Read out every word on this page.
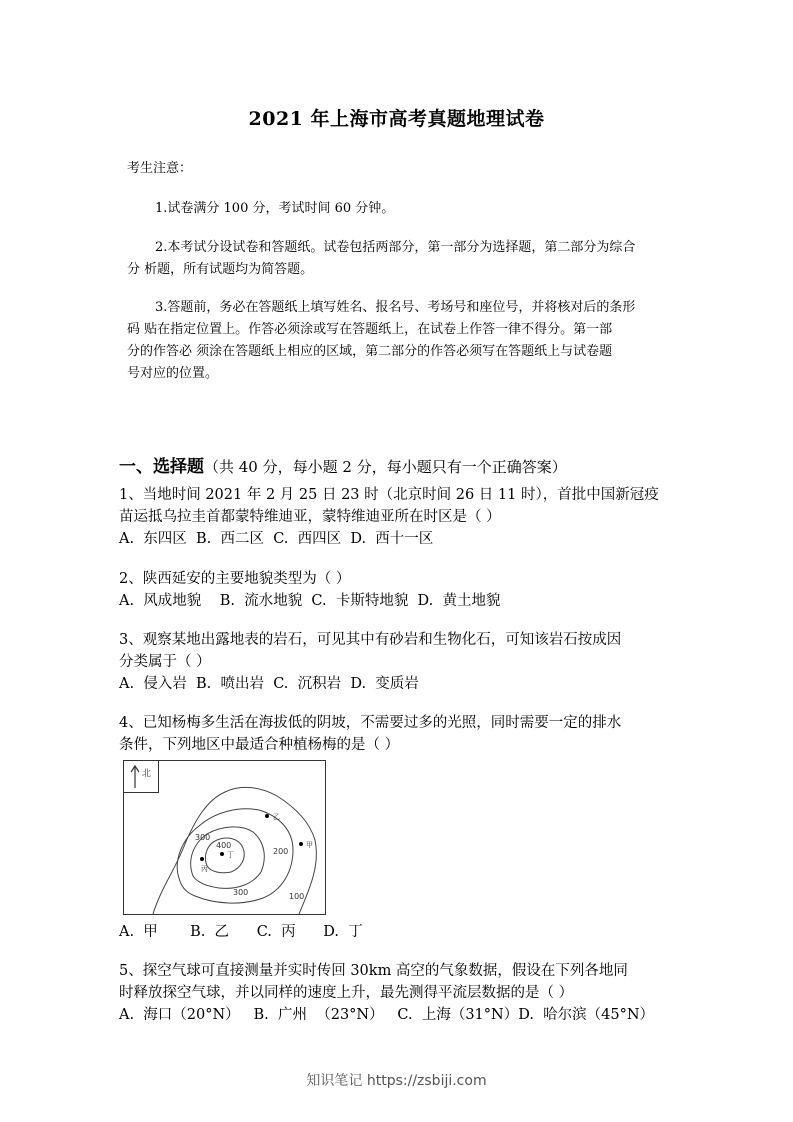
2021 年上海市高考真题地理试卷

考生注意：

1.试卷满分 100 分，考试时间 60 分钟。

2.本考试分设试卷和答题纸。试卷包括两部分，第一部分为选择题，第二部分为综合

分 析题，所有试题均为简答题。

3.答题前，务必在答题纸上填写姓名、报名号、考场号和座位号，并将核对后的条形

码 贴在指定位置上。作答必须涂或写在答题纸上，在试卷上作答一律不得分。第一部

分的作答必 须涂在答题纸上相应的区域，第二部分的作答必须写在答题纸上与试卷题

号对应的位置。

一、选择题（共 40 分，每小题 2 分，每小题只有一个正确答案）
1、当地时间 2021 年 2 月 25 日 23 时（北京时间 26 日 11 时），首批中国新冠疫
苗运抵乌拉圭首都蒙特维迪亚，蒙特维迪亚所在时区是（ ）
A.  东四区  B.  西二区  C.  西四区  D.  西十一区
2、陕西延安的主要地貌类型为（ ）
A.  风成地貌    B.  流水地貌  C.  卡斯特地貌  D.  黄土地貌
3、观察某地出露地表的岩石，可见其中有砂岩和生物化石，可知该岩石按成因
分类属于（ ）
A.  侵入岩  B.  喷出岩  C.  沉积岩  D.  变质岩
4、已知杨梅多生活在海拔低的阴坡，不需要过多的光照，同时需要一定的排水
条件，下列地区中最适合种植杨梅的是（ ）
北
300
400
200
300	100
乙
甲
丙
丁
A.  甲       B.  乙      C.  丙      D.  丁
5、探空气球可直接测量并实时传回 30km 高空的气象数据，假设在下列各地同
时释放探空气球，并以同样的速度上升，最先测得平流层数据的是（ ）
A.  海口（20°N）   B.  广州  （23°N）   C.  上海（31°N）D.  哈尔滨（45°N）
知识笔记 https://zsbiji.com
